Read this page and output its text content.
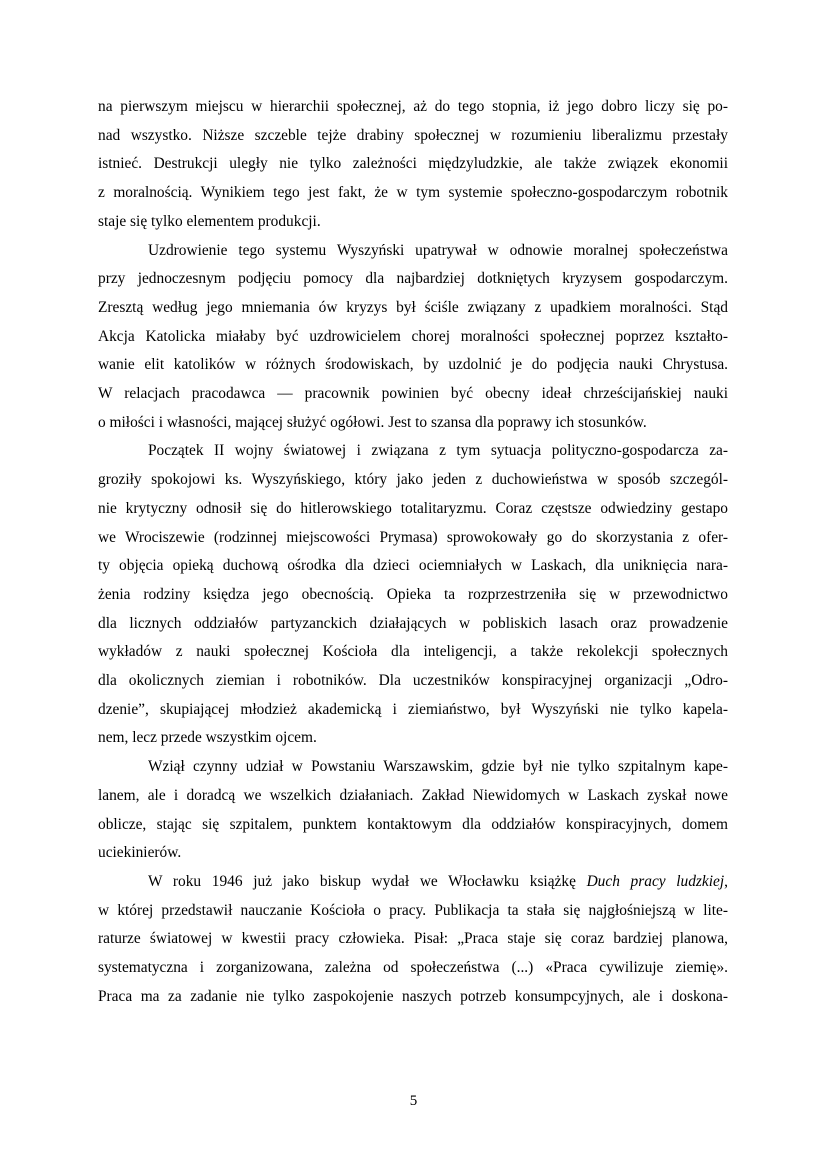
na pierwszym miejscu w hierarchii społecznej, aż do tego stopnia, iż jego dobro liczy się po-
nad wszystko. Niższe szczeble tejże drabiny społecznej w rozumieniu liberalizmu przestały
istnieć. Destrukcji uległy nie tylko zależności międzyludzkie, ale także związek ekonomii
z moralnością. Wynikiem tego jest fakt, że w tym systemie społeczno-gospodarczym robotnik
staje się tylko elementem produkcji.

Uzdrowienie tego systemu Wyszyński upatrywał w odnowie moralnej społeczeństwa
przy jednoczesnym podjęciu pomocy dla najbardziej dotkniętych kryzysem gospodarczym.
Zresztą według jego mniemania ów kryzys był ściśle związany z upadkiem moralności. Stąd
Akcja Katolicka miałaby być uzdrowicielem chorej moralności społecznej poprzez kształto-
wanie elit katolików w różnych środowiskach, by uzdolnić je do podjęcia nauki Chrystusa.
W relacjach pracodawca — pracownik powinien być obecny ideał chrześcijańskiej nauki
o miłości i własności, mającej służyć ogółowi. Jest to szansa dla poprawy ich stosunków.

Początek II wojny światowej i związana z tym sytuacja polityczno-gospodarcza za-
groziły spokojowi ks. Wyszyńskiego, który jako jeden z duchowieństwa w sposób szczegól-
nie krytyczny odnosił się do hitlerowskiego totalitaryzmu. Coraz częstsze odwiedziny gestapo
we Wrociszewie (rodzinnej miejscowości Prymasa) sprowokowały go do skorzystania z ofer-
ty objęcia opieką duchową ośrodka dla dzieci ociemniałych w Laskach, dla uniknięcia nara-
żenia rodziny księdza jego obecnością. Opieka ta rozprzestrzeniła się w przewodnictwo
dla licznych oddziałów partyzanckich działających w pobliskich lasach oraz prowadzenie
wykładów z nauki społecznej Kościoła dla inteligencji, a także rekolekcji społecznych
dla okolicznych ziemian i robotników. Dla uczestników konspiracyjnej organizacji „Odro-
dzenie”, skupiającej młodzież akademicką i ziemiaństwo, był Wyszyński nie tylko kapela-
nem, lecz przede wszystkim ojcem.

Wziął czynny udział w Powstaniu Warszawskim, gdzie był nie tylko szpitalnym kape-
lanem, ale i doradcą we wszelkich działaniach. Zakład Niewidomych w Laskach zyskał nowe
oblicze, stając się szpitalem, punktem kontaktowym dla oddziałów konspiracyjnych, domem
uciekinierów.

W roku 1946 już jako biskup wydał we Włocławku książkę Duch pracy ludzkiej,
w której przedstawił nauczanie Kościoła o pracy. Publikacja ta stała się najgłośniejszą w lite-
raturze światowej w kwestii pracy człowieka. Pisał: „Praca staje się coraz bardziej planowa,
systematyczna i zorganizowana, zależna od społeczeństwa (...) «Praca cywilizuje ziemię».
Praca ma za zadanie nie tylko zaspokojenie naszych potrzeb konsumpcyjnych, ale i doskona-

5
